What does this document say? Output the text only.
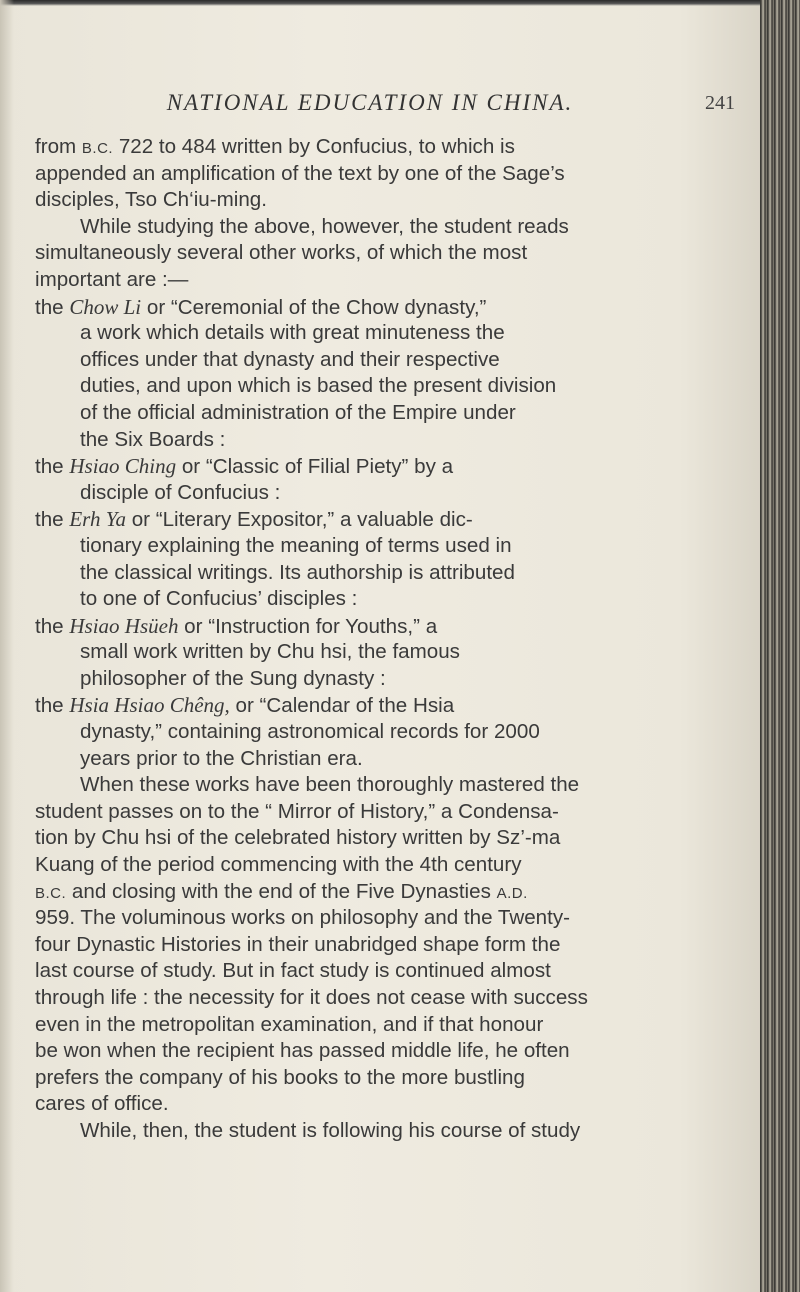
NATIONAL EDUCATION IN CHINA.	241
from B.C. 722 to 484 written by Confucius, to which is
appended an amplification of the text by one of the Sage’s
disciples, Tso Ch‘iu-ming.
While studying the above, however, the student reads
simultaneously several other works, of which the most
important are :—
the Chow Li or “Ceremonial of the Chow dynasty,”
a work which details with great minuteness the
offices under that dynasty and their respective
duties, and upon which is based the present division
of the official administration of the Empire under
the Six Boards :
the Hsiao Ching or “Classic of Filial Piety” by a
disciple of Confucius :
the Erh Ya or “Literary Expositor,” a valuable dic-
tionary explaining the meaning of terms used in
the classical writings. Its authorship is attributed
to one of Confucius’ disciples :
the Hsiao Hsüeh or “Instruction for Youths,” a
small work written by Chu hsi, the famous
philosopher of the Sung dynasty :
the Hsia Hsiao Chêng, or “Calendar of the Hsia
dynasty,” containing astronomical records for 2000
years prior to the Christian era.
When these works have been thoroughly mastered the
student passes on to the “ Mirror of History,” a Condensa-
tion by Chu hsi of the celebrated history written by Sz’-ma
Kuang of the period commencing with the 4th century
B.C. and closing with the end of the Five Dynasties A.D.
959. The voluminous works on philosophy and the Twenty-
four Dynastic Histories in their unabridged shape form the
last course of study. But in fact study is continued almost
through life : the necessity for it does not cease with success
even in the metropolitan examination, and if that honour
be won when the recipient has passed middle life, he often
prefers the company of his books to the more bustling
cares of office.
While, then, the student is following his course of study
